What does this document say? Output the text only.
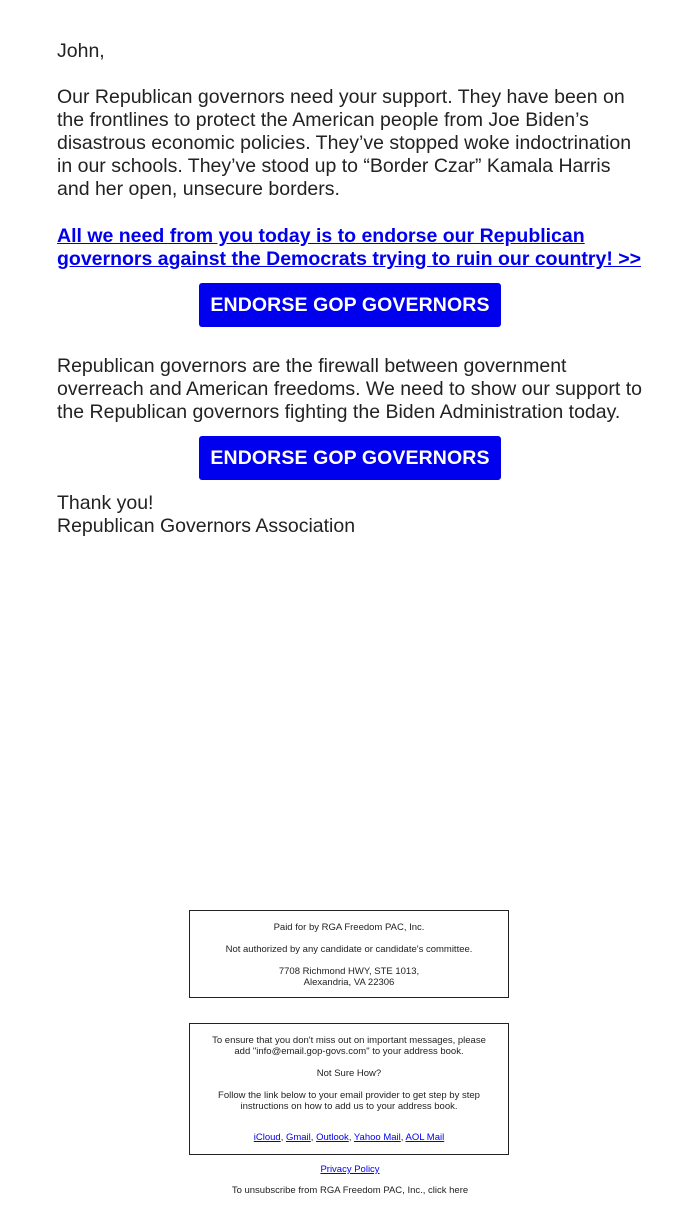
John,

Our Republican governors need your support. They have been on the frontlines to protect the American people from Joe Biden’s disastrous economic policies. They’ve stopped woke indoctrination in our schools. They’ve stood up to “Border Czar” Kamala Harris and her open, unsecure borders.

All we need from you today is to endorse our Republican governors against the Democrats trying to ruin our country! >>
ENDORSE GOP GOVERNORS

Republican governors are the firewall between government overreach and American freedoms. We need to show our support to the Republican governors fighting the Biden Administration today.

ENDORSE GOP GOVERNORS

Thank you!

Republican Governors Association

Paid for by RGA Freedom PAC, Inc.

Not authorized by any candidate or candidate's committee.

7708 Richmond HWY, STE 1013,

Alexandria, VA 22306

To ensure that you don't miss out on important messages, please add "info@email.gop-govs.com" to your address book.

Not Sure How?

Follow the link below to your email provider to get step by step instructions on how to add us to your address book.

iCloud, Gmail, Outlook, Yahoo Mail, AOL Mail

Privacy Policy
To unsubscribe from RGA Freedom PAC, Inc., click here
